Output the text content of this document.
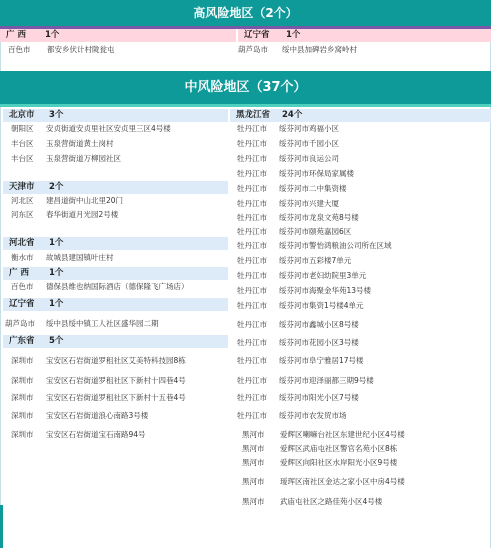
高风险地区（2个）
广 西 1个	辽宁省 1个
百色市 都安乡伏计村陇瓮屯	葫芦岛市 绥中县加碑岩乡窝岭村
中风险地区（37个）
北京市 3个
朝阳区 安贞街道安贞里社区安贞里三区4号楼
丰台区 玉泉营街道黄土岗村
丰台区 玉泉营街道万柳园社区
天津市 2个
河北区 建昌道街中山北里20门
河东区 春华街道月光园2号楼
河北省 1个
衡水市 故城县建国镇叶庄村
广 西 1个
百色市 德保县维也纳国际酒店（德保隆飞广场店）
辽宁省 1个
葫芦岛市 绥中县绥中镇工人社区盛华园二期
广东省 5个
深圳市 宝安区石岩街道罗租社区艾美特科技园8栋
深圳市 宝安区石岩街道罗租社区下新村十四巷4号
深圳市 宝安区石岩街道罗租社区下新村十五巷4号
深圳市 宝安区石岩街道浪心南路3号楼
深圳市 宝安区石岩街道宝石南路94号
黑龙江省 24个
牡丹江市 绥芬河市鸡福小区
牡丹江市 绥芬河市千园小区
牡丹江市 绥芬河市良运公司
牡丹江市 绥芬河市环保局家属楼
牡丹江市 绥芬河市二中集资楼
牡丹江市 绥芬河市兴建大厦
牡丹江市 绥芬河市龙泉文苑8号楼
牡丹江市 绥芬河市颐苑嘉园6区
牡丹江市 绥芬河市警怡鸿粮油公司所在区域
牡丹江市 绥芬河市五彩楼7单元
牡丹江市 绥芬河市老妇幼院里3单元
牡丹江市 绥芬河市海聚金华苑13号楼
牡丹江市 绥芬河市集资1号楼4单元
牡丹江市 绥芬河市鑫城小区8号楼
牡丹江市 绥芬河市花园小区3号楼
牡丹江市 绥芬河市阜宁雅居17号楼
牡丹江市 绥芬河市迎泽丽都三期9号楼
牡丹江市 绥芬河市阳光小区7号楼
牡丹江市 绥芬河市农发贸市场
黑河市 爱辉区喇嘛台社区东建世纪小区4号楼
黑河市 爱辉区武庙屯社区警官名苑小区8栋
黑河市 爱辉区向阳社区水岸阳光小区9号楼
黑河市 瑷珲区南社区金达之家小区中房4号楼
黑河市 武庙屯社区之路佳苑小区4号楼
